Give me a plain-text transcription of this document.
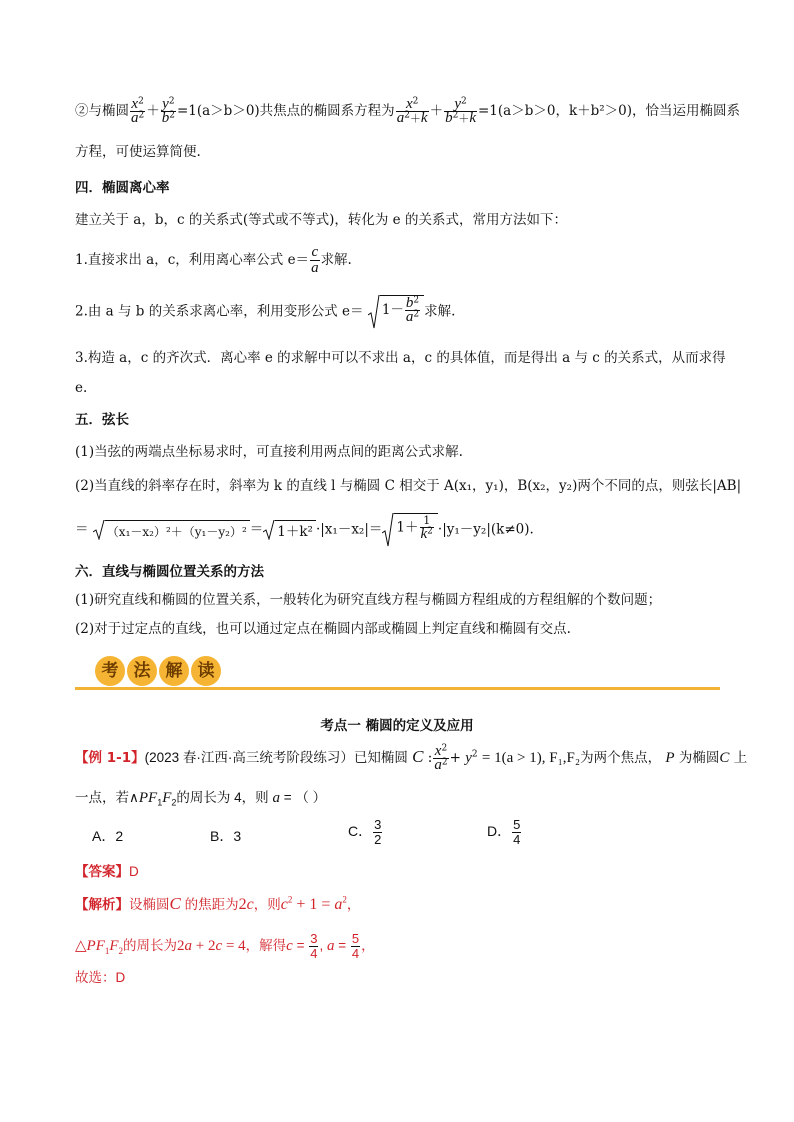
②与椭圆 $\frac{x^2}{a^2} + \frac{y^2}{b^2} =1(a>b>0)$共焦点的椭圆系方程为 $\frac{x^2}{a^2+k} + \frac{y^2}{b^2+k} =1(a>b>0$，k＋b²＞0)，恰当运用椭圆系
方程，可使运算简便.
四．椭圆离心率
建立关于 a，b，c 的关系式(等式或不等式)，转化为 e 的关系式，常用方法如下：
1.直接求出 a，c，利用离心率公式 $e= \frac{c}{a}$ 求解.
2.由 a 与 b 的关系求离心率，利用变形公式 $e= 1- \frac{b^2}{a^2}$ 求解.
3.构造 a，c 的齐次式．离心率 e 的求解中可以不求出 a，c 的具体值，而是得出 a 与 c 的关系式，从而求得
e.
五．弦长
(1)当弦的两端点坐标易求时，可直接利用两点间的距离公式求解.
(2)当直线的斜率存在时，斜率为 k 的直线 l 与椭圆 C 相交于 A(x₁，y₁)，B(x₂，y₂)两个不同的点，则弦长|AB|
＝ $(x_1-x_2)^2+(y_1-y_2)^2 = 1+k^2 \cdot|x_1-x_2|= 1+ \frac{1}{k^2} \cdot|y_1-y_2|(k\ne 0)$.
六．直线与椭圆位置关系的方法
(1)研究直线和椭圆的位置关系，一般转化为研究直线方程与椭圆方程组成的方程组解的个数问题；
(2)对于过定点的直线，也可以通过定点在椭圆内部或椭圆上判定直线和椭圆有交点.
考 法 解 读
考点一 椭圆的定义及应用
【例 1-1】(2023 春·江西·高三统考阶段练习）已知椭圆 C : $\frac{x^2}{a^2} + y^2 = 1(a > 1)$, F₁,F₂为两个焦点， P 为椭圆C 上
一点，若$\wedge PF_1F_2$的周长为 4，则 a = （ ）
A．2	B．3	C． $\frac{3}{2}$	D． $\frac{5}{4}$
【答案】D
【解析】设椭圆C 的焦距为2c，则$c^2 + 1 = a^2$，
$\triangle PF_1F_2$的周长为2a + 2c = 4，解得$c = \frac{3}{4}$ , $a = \frac{5}{4}$ ，
故选：D
